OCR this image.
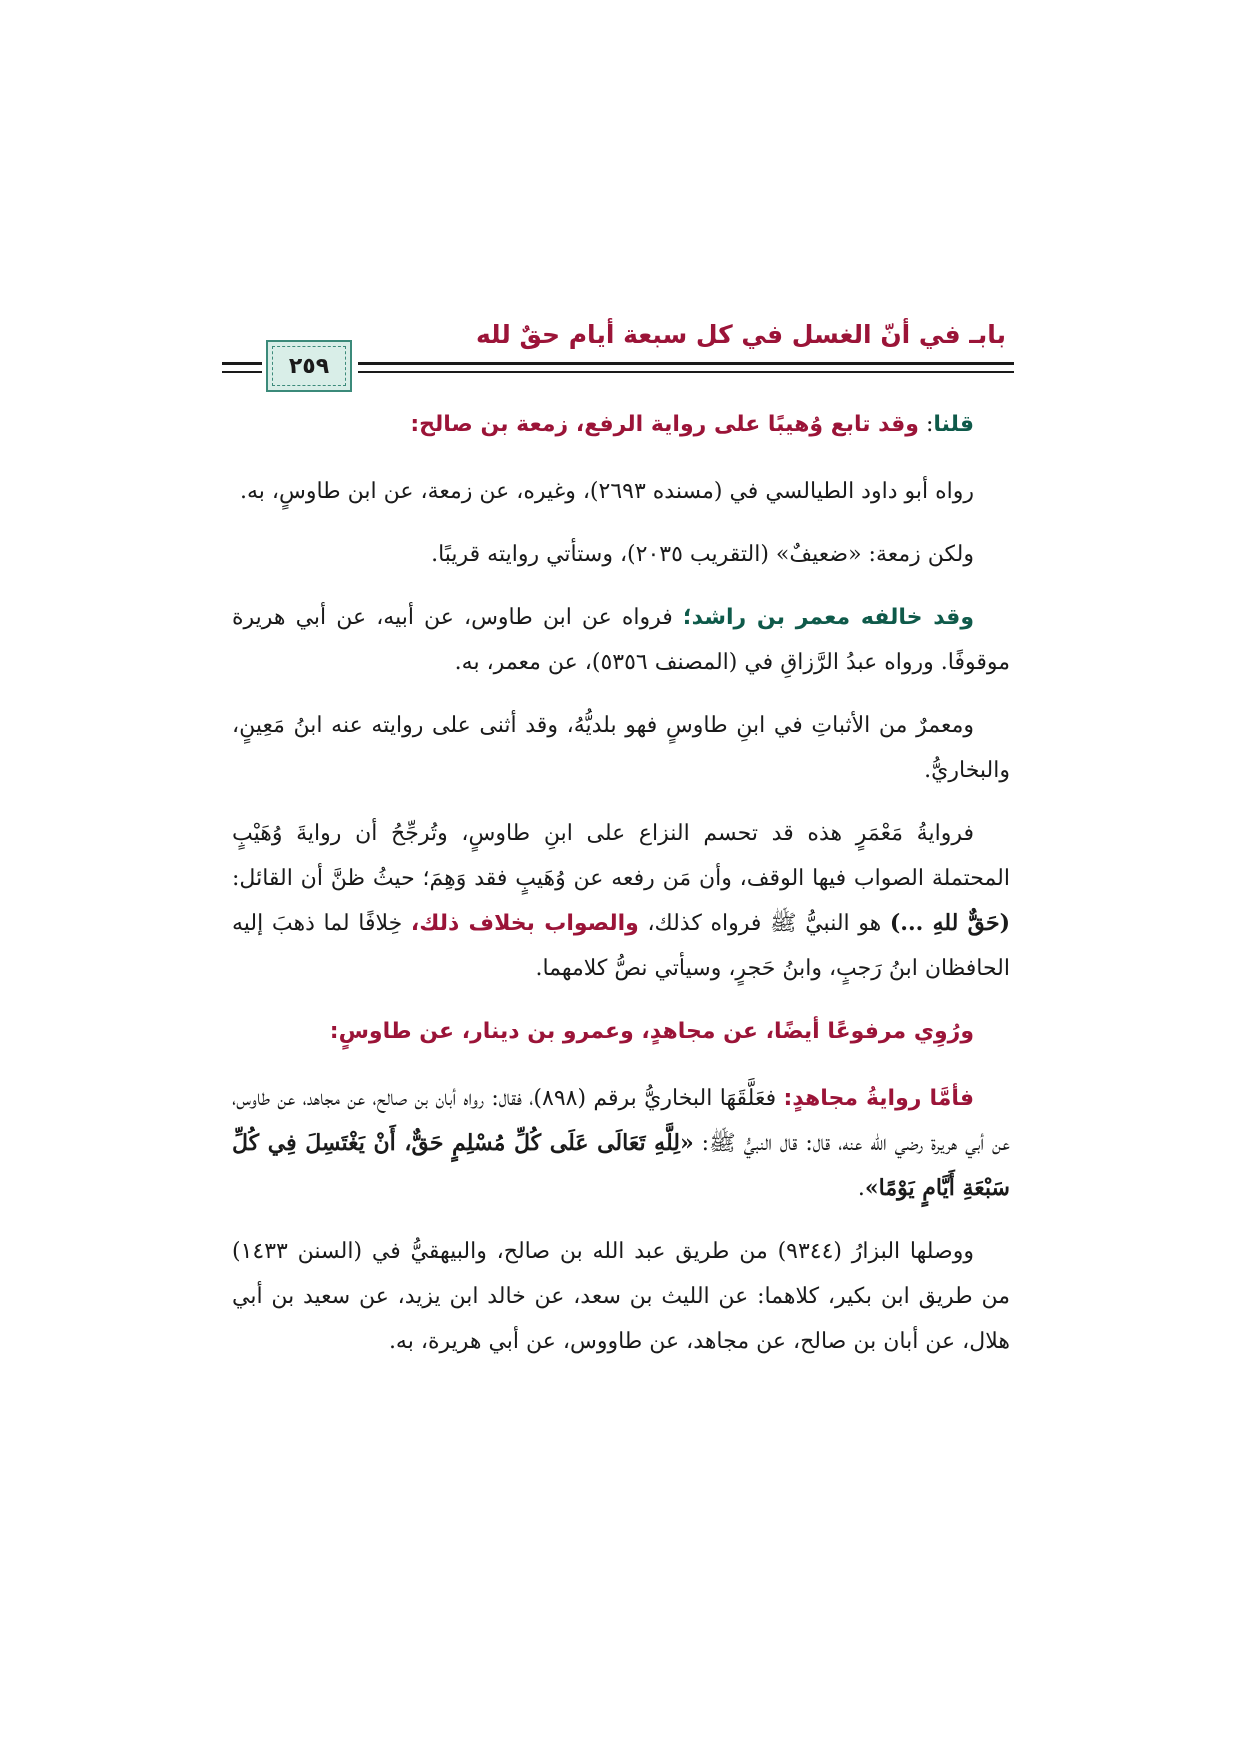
بابـ في أنّ الغسل في كل سبعة أيام حقٌ لله
٢٥٩

قلنا: وقد تابع وُهيبًا على رواية الرفع، زمعة بن صالح:

رواه أبو داود الطيالسي في (مسنده ٢٦٩٣)، وغيره، عن زمعة، عن ابن طاوسٍ، به.

ولكن زمعة: «ضعيفٌ» (التقريب ٢٠٣٥)، وستأتي روايته قريبًا.

وقد خالفه معمر بن راشد؛ فرواه عن ابن طاوس، عن أبيه، عن أبي هريرة موقوفًا. ورواه عبدُ الرَّزاقِ في (المصنف ٥٣٥٦)، عن معمر، به.

ومعمرٌ من الأثباتِ في ابنِ طاوسٍ فهو بلديُّهُ، وقد أثنى على روايته عنه ابنُ مَعِينٍ، والبخاريُّ.

فروايةُ مَعْمَرٍ هذه قد تحسم النزاع على ابنِ طاوسٍ، وتُرجِّحُ أن روايةَ وُهَيْبٍ المحتملة الصواب فيها الوقف، وأن مَن رفعه عن وُهَيبٍ فقد وَهِمَ؛ حيثُ ظنَّ أن القائل: (حَقٌّ للهِ ...) هو النبيُّ ﷺ فرواه كذلك، والصواب بخلاف ذلك، خِلافًا لما ذهبَ إليه الحافظان ابنُ رَجبٍ، وابنُ حَجرٍ، وسيأتي نصُّ كلامهما.

ورُوِي مرفوعًا أيضًا، عن مجاهدٍ، وعمرو بن دينار، عن طاوسٍ:

فأمَّا روايةُ مجاهدٍ: فعَلَّقَهَا البخاريُّ برقم (٨٩٨)، فقال: رواه أبان بن صالح، عن مجاهد، عن طاوس، عن أبي هريرة رضي الله عنه، قال: قال النبيُّ ﷺ: «لِلَّهِ تَعَالَى عَلَى كُلِّ مُسْلِمٍ حَقٌّ، أَنْ يَغْتَسِلَ فِي كُلِّ سَبْعَةِ أَيَّامٍ يَوْمًا».

ووصلها البزارُ (٩٣٤٤) من طريق عبد الله بن صالح، والبيهقيُّ في (السنن ١٤٣٣) من طريق ابن بكير، كلاهما: عن الليث بن سعد، عن خالد ابن يزيد، عن سعيد بن أبي هلال، عن أبان بن صالح، عن مجاهد، عن طاووس، عن أبي هريرة، به.
